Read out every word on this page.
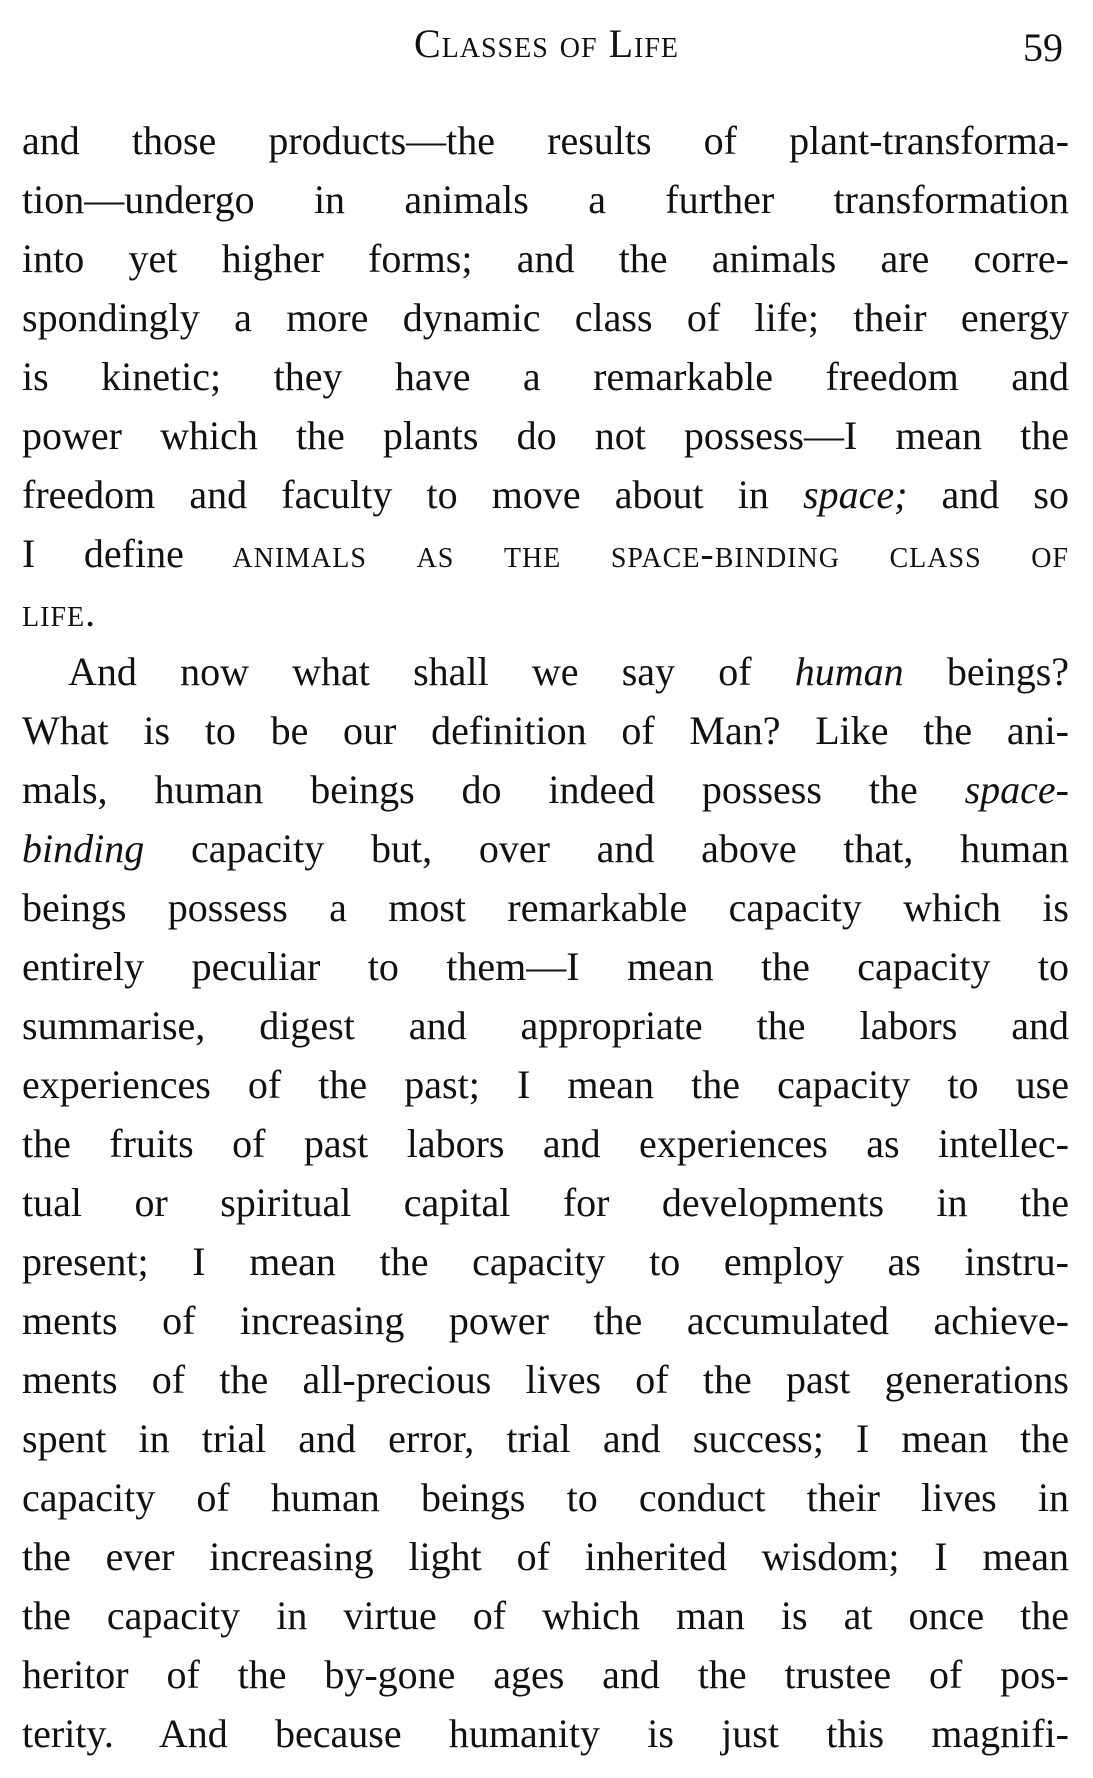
Classes of Life	59
and those products—the results of plant-transforma-
tion—undergo in animals a further transformation
into yet higher forms; and the animals are corre-
spondingly a more dynamic class of life; their energy
is kinetic; they have a remarkable freedom and
power which the plants do not possess—I mean the
freedom and faculty to move about in space; and so
I define animals as the space-binding class of
life.
And now what shall we say of human beings?
What is to be our definition of Man? Like the ani-
mals, human beings do indeed possess the space-
binding capacity but, over and above that, human
beings possess a most remarkable capacity which is
entirely peculiar to them—I mean the capacity to
summarise, digest and appropriate the labors and
experiences of the past; I mean the capacity to use
the fruits of past labors and experiences as intellec-
tual or spiritual capital for developments in the
present; I mean the capacity to employ as instru-
ments of increasing power the accumulated achieve-
ments of the all-precious lives of the past generations
spent in trial and error, trial and success; I mean the
capacity of human beings to conduct their lives in
the ever increasing light of inherited wisdom; I mean
the capacity in virtue of which man is at once the
heritor of the by-gone ages and the trustee of pos-
terity. And because humanity is just this magnifi-
